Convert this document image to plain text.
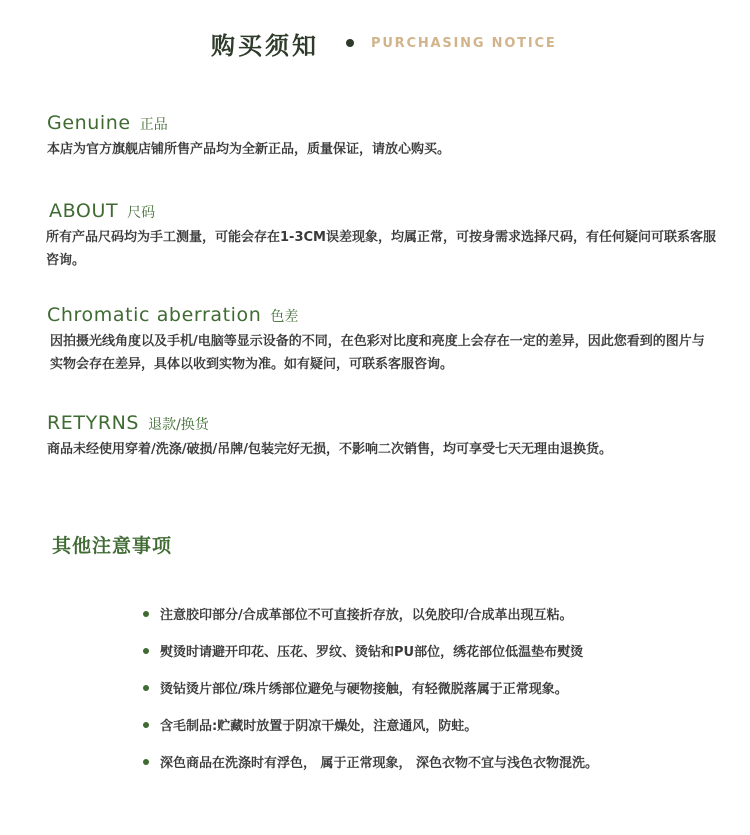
购买须知	PURCHASING NOTICE
Genuine 正品
本店为官方旗舰店铺所售产品均为全新正品，质量保证，请放心购买。
ABOUT 尺码
所有产品尺码均为手工测量，可能会存在1-3CM误差现象，均属正常，可按身需求选择尺码，有任何疑问可联系客服咨询。
Chromatic aberration 色差
因拍摄光线角度以及手机/电脑等显示设备的不同，在色彩对比度和亮度上会存在一定的差异，因此您看到的图片与实物会存在差异，具体以收到实物为准。如有疑问，可联系客服咨询。
RETYRNS 退款/换货
商品未经使用穿着/洗涤/破损/吊牌/包装完好无损，不影响二次销售，均可享受七天无理由退换货。
其他注意事项
注意胶印部分/合成革部位不可直接折存放，以免胶印/合成革出现互粘。
熨烫时请避开印花、压花、罗纹、烫钻和PU部位，绣花部位低温垫布熨烫
烫钻烫片部位/珠片绣部位避免与硬物接触，有轻微脱落属于正常现象。
含毛制品:贮藏时放置于阴凉干燥处，注意通风，防蛀。
深色商品在洗涤时有浮色， 属于正常现象， 深色衣物不宜与浅色衣物混洗。
